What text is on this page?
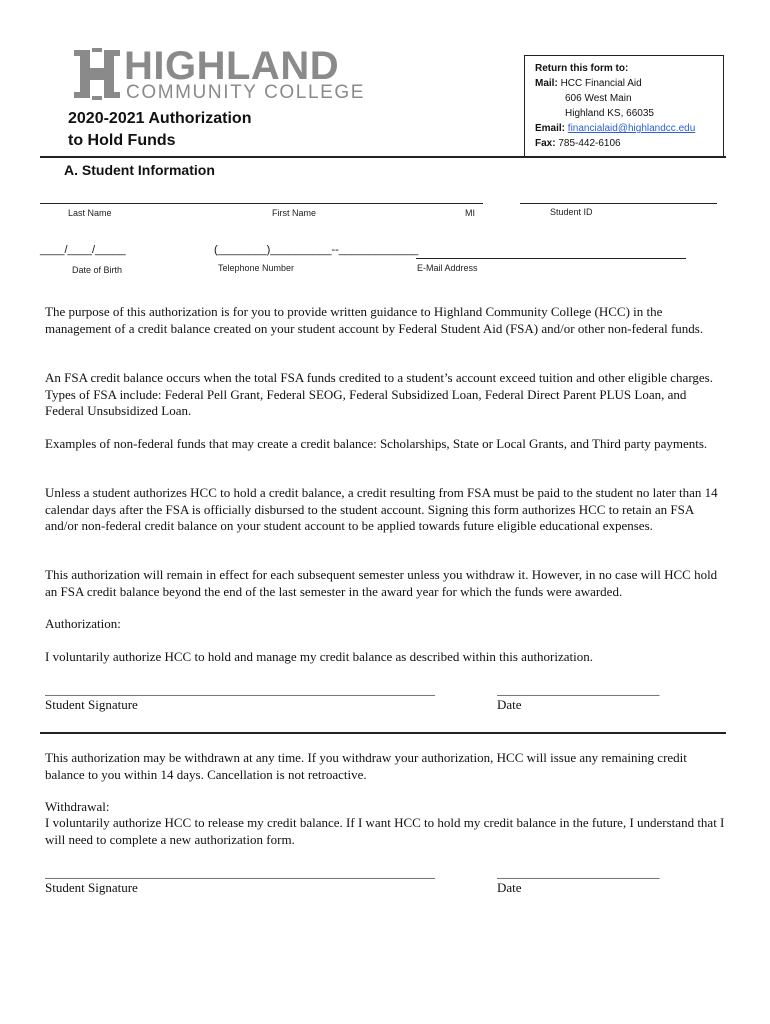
HIGHLAND
COMMUNITY COLLEGE
2020-2021 Authorization
to Hold Funds
Return this form to:
Mail: HCC Financial Aid
606 West Main
Highland KS, 66035
Email: financialaid@highlandcc.edu
Fax: 785-442-6106
A. Student Information
Last Name	First Name	MI	Student ID
____/____/_____	(________)__________--_____________
Date of Birth	Telephone Number	E-Mail Address
The purpose of this authorization is for you to provide written guidance to Highland Community College (HCC) in the management of a credit balance created on your student account by Federal Student Aid (FSA) and/or other non-federal funds.
An FSA credit balance occurs when the total FSA funds credited to a student’s account exceed tuition and other eligible charges. Types of FSA include: Federal Pell Grant, Federal SEOG, Federal Subsidized Loan, Federal Direct Parent PLUS Loan, and Federal Unsubsidized Loan.
Examples of non-federal funds that may create a credit balance: Scholarships, State or Local Grants, and Third party payments.
Unless a student authorizes HCC to hold a credit balance, a credit resulting from FSA must be paid to the student no later than 14 calendar days after the FSA is officially disbursed to the student account. Signing this form authorizes HCC to retain an FSA and/or non-federal credit balance on your student account to be applied towards future eligible educational expenses.
This authorization will remain in effect for each subsequent semester unless you withdraw it. However, in no case will HCC hold an FSA credit balance beyond the end of the last semester in the award year for which the funds were awarded.
Authorization:
I voluntarily authorize HCC to hold and manage my credit balance as described within this authorization.
____________________________________________________________	_________________________
Student Signature	Date
This authorization may be withdrawn at any time. If you withdraw your authorization, HCC will issue any remaining credit balance to you within 14 days. Cancellation is not retroactive.
Withdrawal:
I voluntarily authorize HCC to release my credit balance. If I want HCC to hold my credit balance in the future, I understand that I will need to complete a new authorization form.
____________________________________________________________	_________________________
Student Signature	Date
